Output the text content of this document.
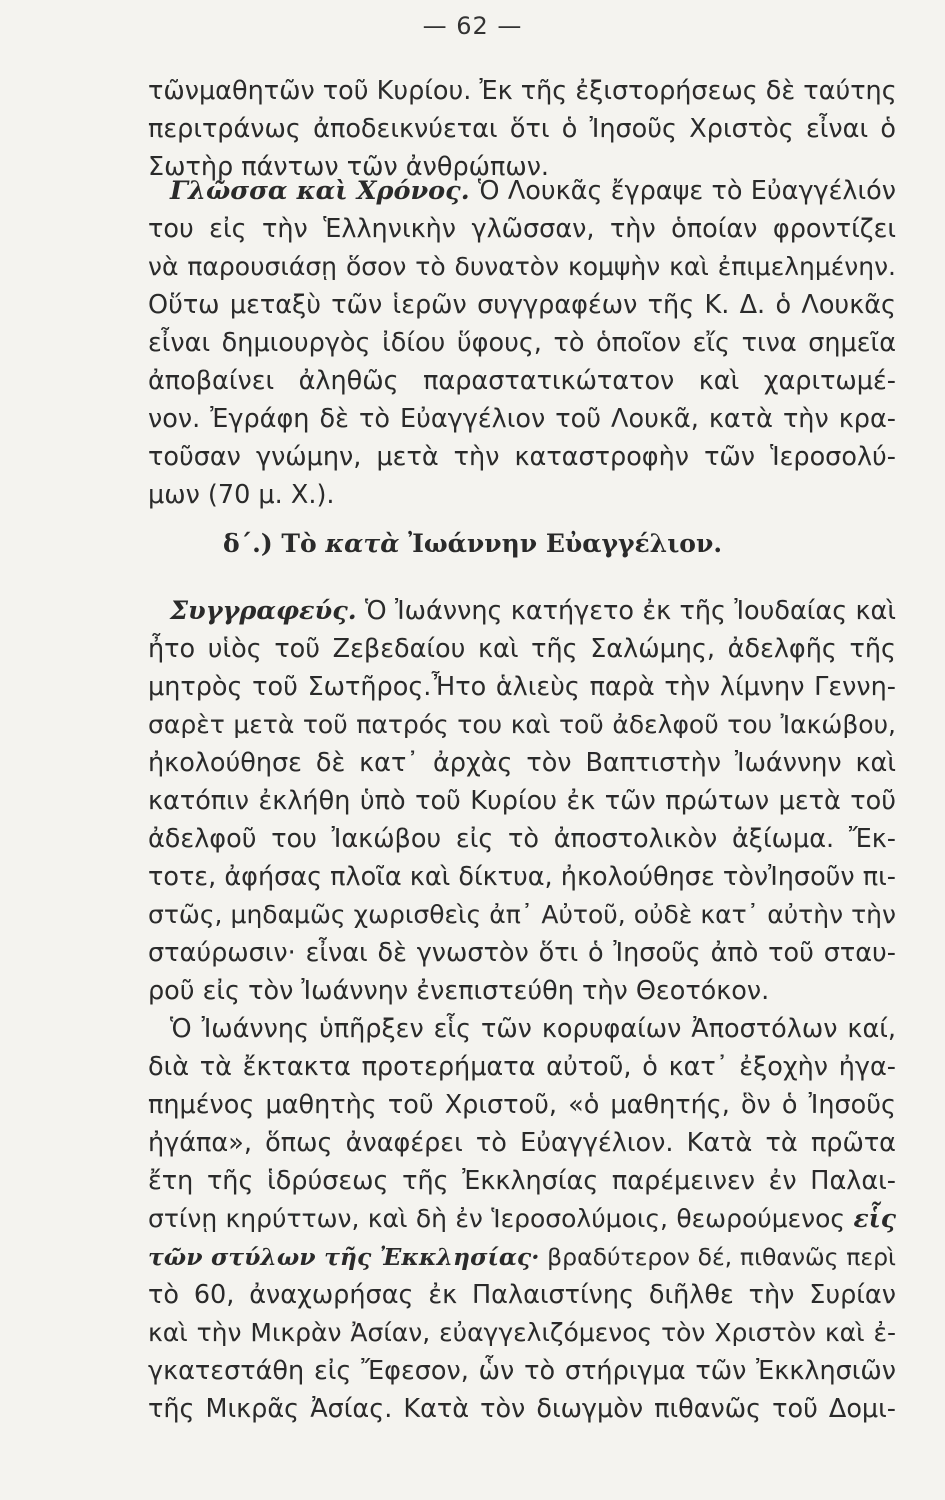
— 62 —
τῶνμαθητῶν τοῦ Κυρίου. Ἐκ τῆς ἐξιστορήσεως δὲ ταύτης
περιτράνως ἀποδεικνύεται ὅτι ὁ Ἰησοῦς Χριστὸς εἶναι ὁ
Σωτὴρ πάντων τῶν ἀνθρώπων.
Γλῶσσα καὶ Χρόνος. Ὁ Λουκᾶς ἔγραψε τὸ Εὐαγγέλιόν
του εἰς τὴν Ἑλληνικὴν γλῶσσαν, τὴν ὁποίαν φροντίζει
νὰ παρουσιάσῃ ὅσον τὸ δυνατὸν κομψὴν καὶ ἐπιμελημένην.
Οὕτω μεταξὺ τῶν ἱερῶν συγγραφέων τῆς Κ. Δ. ὁ Λουκᾶς
εἶναι δημιουργὸς ἰδίου ὕφους, τὸ ὁποῖον εἴς τινα σημεῖα
ἀποβαίνει ἀληθῶς παραστατικώτατον καὶ χαριτωμέ-
νον. Ἐγράφη δὲ τὸ Εὐαγγέλιον τοῦ Λουκᾶ, κατὰ τὴν κρα-
τοῦσαν γνώμην, μετὰ τὴν καταστροφὴν τῶν Ἱεροσολύ-
μων (70 μ. Χ.).
δ΄.) Τὸ κατὰ Ἰωάννην Εὐαγγέλιον.
Συγγραφεύς. Ὁ Ἰωάννης κατήγετο ἐκ τῆς Ἰουδαίας καὶ
ἦτο υἱὸς τοῦ Ζεβεδαίου καὶ τῆς Σαλώμης, ἀδελφῆς τῆς
μητρὸς τοῦ Σωτῆρος.Ἦτο ἁλιεὺς παρὰ τὴν λίμνην Γεννη-
σαρὲτ μετὰ τοῦ πατρός του καὶ τοῦ ἀδελφοῦ του Ἰακώβου,
ἠκολούθησε δὲ κατ᾽ ἀρχὰς τὸν Βαπτιστὴν Ἰωάννην καὶ
κατόπιν ἐκλήθη ὑπὸ τοῦ Κυρίου ἐκ τῶν πρώτων μετὰ τοῦ
ἀδελφοῦ του Ἰακώβου εἰς τὸ ἀποστολικὸν ἀξίωμα. Ἔκ-
τοτε, ἀφήσας πλοῖα καὶ δίκτυα, ἠκολούθησε τὸνἸησοῦν πι-
στῶς, μηδαμῶς χωρισθεὶς ἀπ᾽ Αὐτοῦ, οὐδὲ κατ᾽ αὐτὴν τὴν
σταύρωσιν· εἶναι δὲ γνωστὸν ὅτι ὁ Ἰησοῦς ἀπὸ τοῦ σταυ-
ροῦ εἰς τὸν Ἰωάννην ἐνεπιστεύθη τὴν Θεοτόκον.
Ὁ Ἰωάννης ὑπῆρξεν εἷς τῶν κορυφαίων Ἀποστόλων καί,
διὰ τὰ ἔκτακτα προτερήματα αὐτοῦ, ὁ κατ᾽ ἐξοχὴν ἠγα-
πημένος μαθητὴς τοῦ Χριστοῦ, «ὁ μαθητής, ὃν ὁ Ἰησοῦς
ἠγάπα», ὅπως ἀναφέρει τὸ Εὐαγγέλιον. Κατὰ τὰ πρῶτα
ἔτη τῆς ἱδρύσεως τῆς Ἐκκλησίας παρέμεινεν ἐν Παλαι-
στίνῃ κηρύττων, καὶ δὴ ἐν Ἱεροσολύμοις, θεωρούμενος εἷς
τῶν στύλων τῆς Ἐκκλησίας· βραδύτερον δέ, πιθανῶς περὶ
τὸ 60, ἀναχωρήσας ἐκ Παλαιστίνης διῆλθε τὴν Συρίαν
καὶ τὴν Μικρὰν Ἀσίαν, εὐαγγελιζόμενος τὸν Χριστὸν καὶ ἐ-
γκατεστάθη εἰς Ἔφεσον, ὧν τὸ στήριγμα τῶν Ἐκκλησιῶν
τῆς Μικρᾶς Ἀσίας. Κατὰ τὸν διωγμὸν πιθανῶς τοῦ Δομι-
